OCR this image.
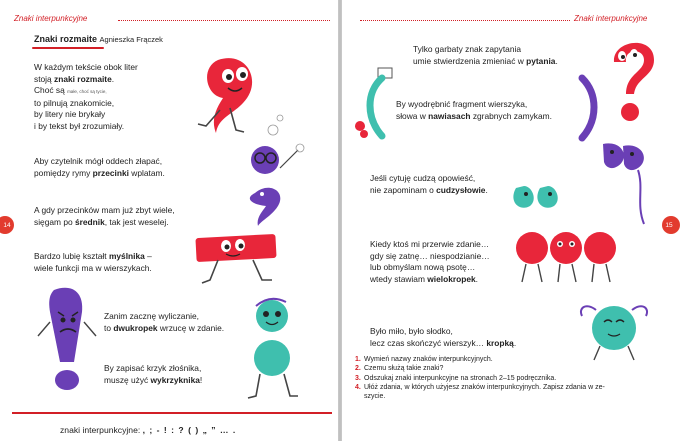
Znaki interpunkcyjne
14
Znaki rozmaite Agnieszka Frączek
W każdym tekście obok liter
stoją znaki rozmaite.
Choć są małe, choć są tycie,
to pilnują znakomicie,
by litery nie brykały
i by tekst był zrozumiały.
Aby czytelnik mógł oddech złapać,
pomiędzy rymy przecinki wplatam.
A gdy przecinków mam już zbyt wiele,
sięgam po średnik, tak jest weselej.
Bardzo lubię kształt myślnika –
wiele funkcji ma w wierszykach.
Zanim zacznę wyliczanie,
to dwukropek wrzucę w zdanie.
By zapisać krzyk złośnika,
muszę użyć wykrzyknika!
znaki interpunkcyjne: , ; - ! : ? ( ) „ ” … .
Znaki interpunkcyjne
15
Tylko garbaty znak zapytania
umie stwierdzenia zmieniać w pytania.
By wyodrębnić fragment wierszyka,
słowa w nawiasach zgrabnych zamykam.
Jeśli cytuję cudzą opowieść,
nie zapominam o cudzysłowie.
Kiedy ktoś mi przerwie zdanie…
gdy się zatnę… niespodzianie…
lub obmyślam nową psotę…
wtedy stawiam wielokropek.
Było miło, było słodko,
lecz czas skończyć wierszyk… kropką.
1. Wymień nazwy znaków interpunkcyjnych.
2. Czemu służą takie znaki?
3. Odszukaj znaki interpunkcyjne na stronach 2–15 podręcznika.
4. Ułóż zdania, w których użyjesz znaków interpunkcyjnych. Zapisz zdania w ze-
szycie.
